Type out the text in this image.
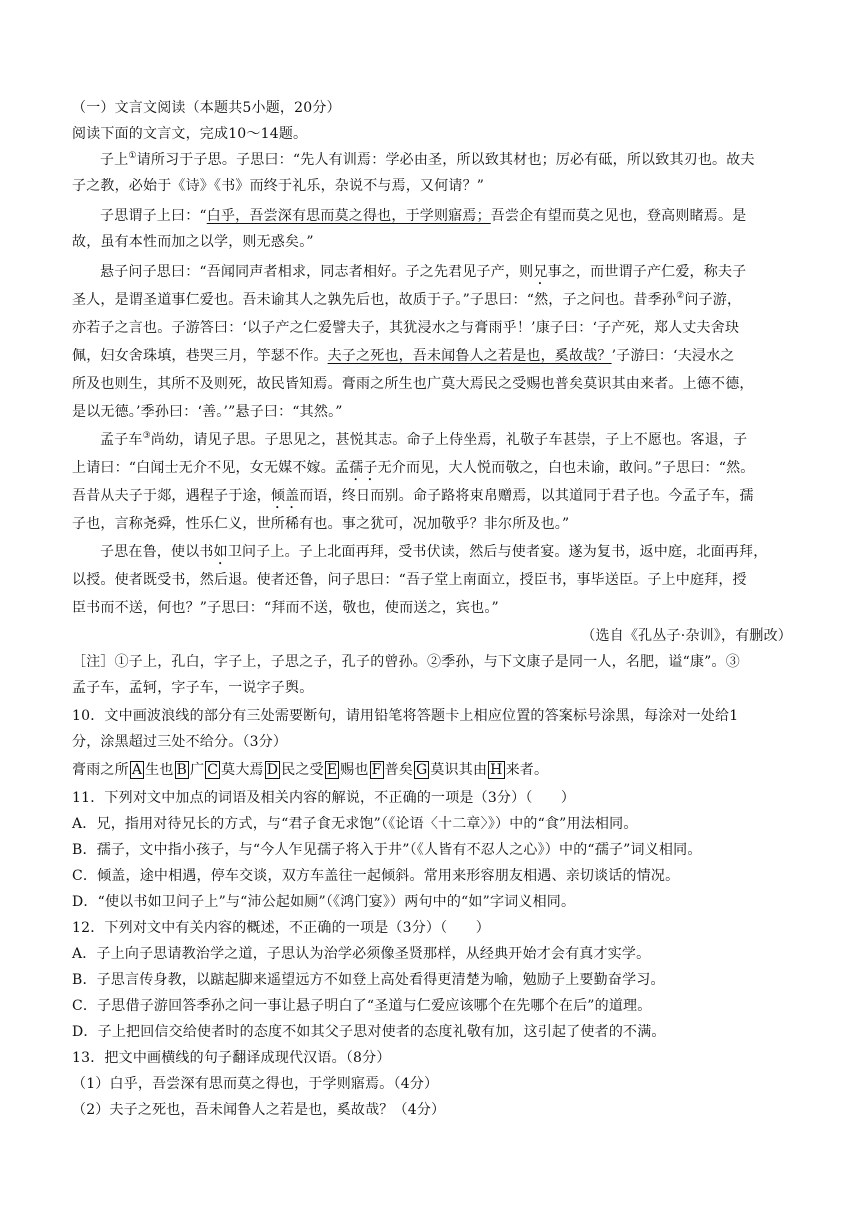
（一）文言文阅读（本题共5小题，20分）
阅读下面的文言文，完成10～14题。
子上①请所习于子思。子思曰：“先人有训焉：学必由圣，所以致其材也；厉必有砥，所以致其刃也。故夫
子之教，必始于《诗》《书》而终于礼乐，杂说不与焉，又何请？”
子思谓子上曰：“白乎，吾尝深有思而莫之得也，于学则寤焉；吾尝企有望而莫之见也，登高则睹焉。是
故，虽有本性而加之以学，则无惑矣。”
悬子问子思曰：“吾闻同声者相求，同志者相好。子之先君见子产，则兄事之，而世谓子产仁爱，称夫子
圣人，是谓圣道事仁爱也。吾未谕其人之孰先后也，故质于子。”子思曰：“然，子之问也。昔季孙②问子游，
亦若子之言也。子游答曰：‘以子产之仁爱譬夫子，其犹浸水之与膏雨乎！’康子曰：‘子产死，郑人丈夫舍玦
佩，妇女舍珠填，巷哭三月，竽瑟不作。夫子之死也，吾未闻鲁人之若是也，奚故哉？’子游曰：‘夫浸水之
所及也则生，其所不及则死，故民皆知焉。膏雨之所生也广莫大焉民之受赐也普矣莫识其由来者。上德不德，
是以无德。’季孙曰：‘善。’”悬子曰：“其然。”
孟子车③尚幼，请见子思。子思见之，甚悦其志。命子上侍坐焉，礼敬子车甚崇，子上不愿也。客退，子
上请曰：“白闻士无介不见，女无媒不嫁。孟孺子无介而见，大人悦而敬之，白也未谕，敢问。”子思曰：“然。
吾昔从夫子于郯，遇程子于途，倾盖而语，终日而别。命子路将束帛赠焉，以其道同于君子也。今孟子车，孺
子也，言称尧舜，性乐仁义，世所稀有也。事之犹可，况加敬乎？非尔所及也。”
子思在鲁，使以书如卫问子上。子上北面再拜，受书伏读，然后与使者宴。遂为复书，返中庭，北面再拜，
以授。使者既受书，然后退。使者还鲁，问子思曰：“吾子堂上南面立，授臣书，事毕送臣。子上中庭拜，授
臣书而不送，何也？”子思曰：“拜而不送，敬也，使而送之，宾也。”
（选自《孔丛子·杂训》，有删改）
［注］①子上，孔白，字子上，子思之子，孔子的曾孙。②季孙，与下文康子是同一人，名肥，谥“康”。③
孟子车，孟轲，字子车，一说字子舆。
10．文中画波浪线的部分有三处需要断句，请用铅笔将答题卡上相应位置的答案标号涂黑，每涂对一处给1
分，涂黑超过三处不给分。（3分）
膏雨之所 A 生也 B 广 C 莫大焉 D 民之受 E 赐也 F 普矣 G 莫识其由 H 来者。
11．下列对文中加点的词语及相关内容的解说，不正确的一项是（3分）（　　）
A．兄，指用对待兄长的方式，与“君子食无求饱”（《论语〈十二章〉》）中的“食”用法相同。
B．孺子，文中指小孩子，与“今人乍见孺子将入于井”（《人皆有不忍人之心》）中的“孺子”词义相同。
C．倾盖，途中相遇，停车交谈，双方车盖往一起倾斜。常用来形容朋友相遇、亲切谈话的情况。
D．“使以书如卫问子上”与“沛公起如厕”（《鸿门宴》）两句中的“如”字词义相同。
12．下列对文中有关内容的概述，不正确的一项是（3分）（　　）
A．子上向子思请教治学之道，子思认为治学必须像圣贤那样，从经典开始才会有真才实学。
B．子思言传身教，以踮起脚来遥望远方不如登上高处看得更清楚为喻，勉励子上要勤奋学习。
C．子思借子游回答季孙之问一事让悬子明白了“圣道与仁爱应该哪个在先哪个在后”的道理。
D．子上把回信交给使者时的态度不如其父子思对使者的态度礼敬有加，这引起了使者的不满。
13．把文中画横线的句子翻译成现代汉语。（8分）
（1）白乎，吾尝深有思而莫之得也，于学则寤焉。（4分）
（2）夫子之死也，吾未闻鲁人之若是也，奚故哉？（4分）
